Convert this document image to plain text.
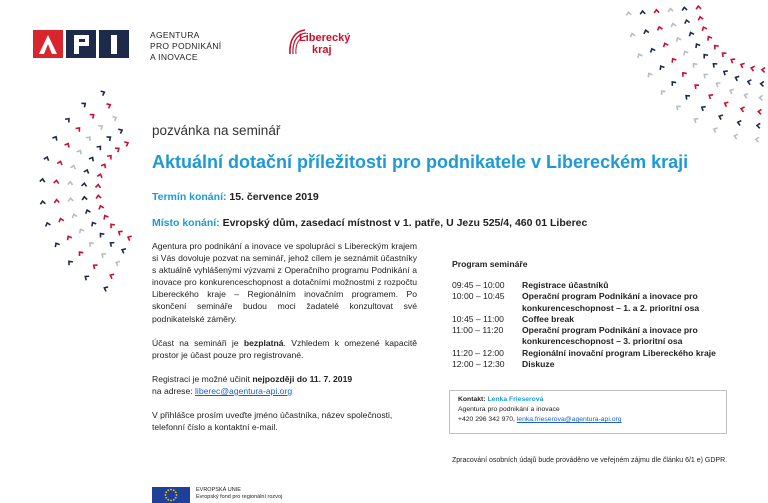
AGENTURA
PRO PODNIKÁNÍ
A INOVACE
Liberecký
kraj
pozvánka na seminář
Aktuální dotační příležitosti pro podnikatele v Libereckém kraji
Termín konání: 15. července 2019
Místo konání: Evropský dům, zasedací místnost v 1. patře, U Jezu 525/4, 460 01 Liberec

Agentura pro podnikání a inovace ve spolupráci s Libereckým krajem si Vás dovoluje pozvat na seminář, jehož cílem je seznámit účastníky s aktuálně vyhlášenými výzvami z Operačního programu Podnikání a inovace pro konkurenceschopnost a dotačními možnostmi z rozpočtu Libereckého kraje – Regionálním inovačním programem. Po skončení semináře budou moci žadatelé konzultovat své podnikatelské záměry.

Účast na semináři je bezplatná. Vzhledem k omezené kapacitě prostor je účast pouze pro registrované.

Registraci je možné učinit nejpozději do 11. 7. 2019
na adrese: liberec@agentura-api.org

V přihlášce prosím uveďte jméno účastníka, název společnosti, telefonní číslo a kontaktní e-mail.

Program semináře
09:45 – 10:00	Registrace účastníků
10:00 – 10:45	Operační program Podnikání a inovace pro
konkurenceschopnost – 1. a 2. prioritní osa
10:45 – 11:00	Coffee break
11:00 – 11:20	Operační program Podnikání a inovace pro
konkurenceschopnost – 3. prioritní osa
11:20 – 12:00	Regionální inovační program Libereckého kraje
12:00 – 12:30	Diskuze
Kontakt: Lenka Frieserová
Agentura pro podnikání a inovace
+420 296 342 970, lenka.frieserova@agentura-api.org
Zpracování osobních údajů bude prováděno ve veřejném zájmu dle článku 6/1 e) GDPR.
EVROPSKÁ UNIE
Evropský fond pro regionální rozvoj
